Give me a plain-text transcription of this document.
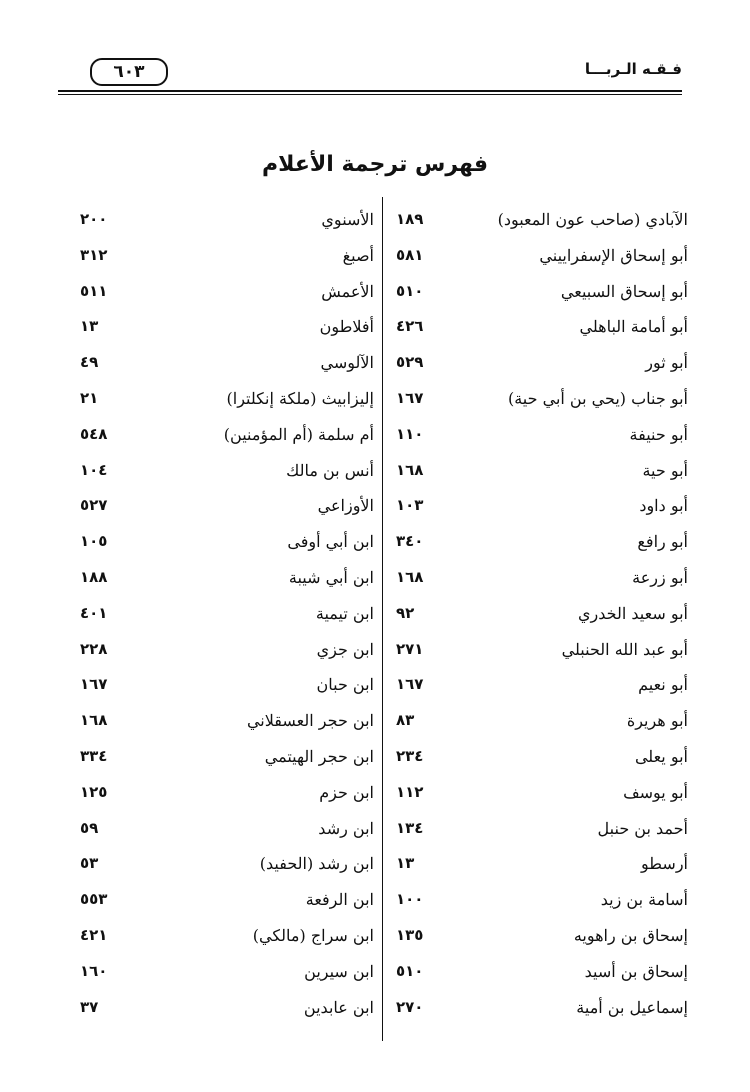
فـقـه الـربـــا
٦٠٣
فهرس ترجمة الأعلام
١٨٩	الآبادي (صاحب عون المعبود)
٥٨١	أبو إسحاق الإسفراييني
٥١٠	أبو إسحاق السبيعي
٤٢٦	أبو أمامة الباهلي
٥٢٩	أبو ثور
١٦٧	أبو جناب (يحي بن أبي حية)
١١٠	أبو حنيفة
١٦٨	أبو حية
١٠٣	أبو داود
٣٤٠	أبو رافع
١٦٨	أبو زرعة
٩٢	أبو سعيد الخدري
٢٧١	أبو عبد الله الحنبلي
١٦٧	أبو نعيم
٨٣	أبو هريرة
٢٣٤	أبو يعلى
١١٢	أبو يوسف
١٣٤	أحمد بن حنبل
١٣	أرسطو
١٠٠	أسامة بن زيد
١٣٥	إسحاق بن راهويه
٥١٠	إسحاق بن أسيد
٢٧٠	إسماعيل بن أمية
٢٠٠	الأسنوي
٣١٢	أصبغ
٥١١	الأعمش
١٣	أفلاطون
٤٩	الآلوسي
٢١	إليزابيث (ملكة إنكلترا)
٥٤٨	أم سلمة (أم المؤمنين)
١٠٤	أنس بن مالك
٥٢٧	الأوزاعي
١٠٥	ابن أبي أوفى
١٨٨	ابن أبي شيبة
٤٠١	ابن تيمية
٢٢٨	ابن جزي
١٦٧	ابن حبان
١٦٨	ابن حجر العسقلاني
٣٣٤	ابن حجر الهيتمي
١٢٥	ابن حزم
٥٩	ابن رشد
٥٣	ابن رشد (الحفيد)
٥٥٣	ابن الرفعة
٤٢١	ابن سراج (مالكي)
١٦٠	ابن سيرين
٣٧	ابن عابدين
